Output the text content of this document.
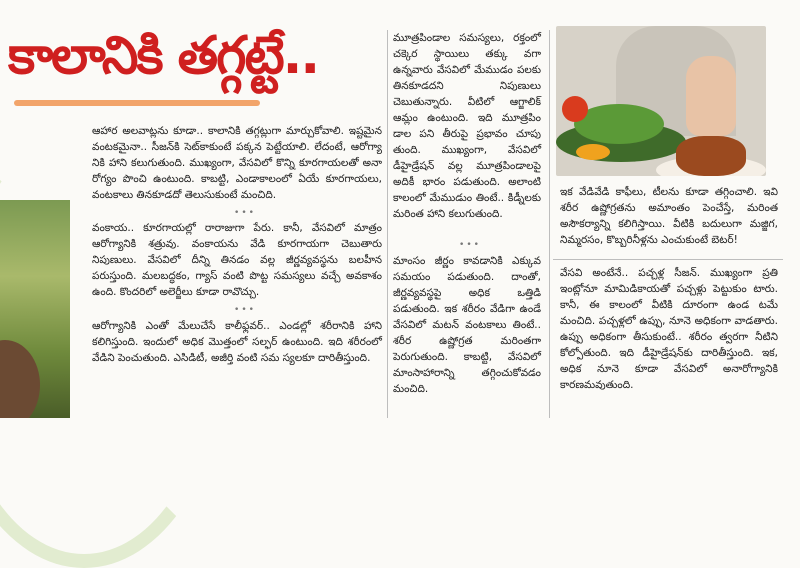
కాలానికి తగ్గట్టే..

ఆహార అలవాట్లను కూడా.. కాలానికి తగ్గట్లుగా మార్చుకోవాలి. ఇష్టమైన వంటకమైనా.. సీజన్‌కి సెట్‌కాకుంటే పక్కన పెట్టేయాలి. లేదంటే, ఆరోగ్యా నికి హాని కలుగుతుంది. ముఖ్యంగా, వేసవిలో కొన్ని కూరగాయలతో అనా రోగ్యం పొంచి ఉంటుంది. కాబట్టి, ఎండాకాలంలో ఏయే కూరగాయలు, వంటకాలు తినకూడదో తెలుసుకుంటే మంచిది.

•••

వంకాయ.. కూరగాయల్లో రారాజుగా పేరు. కానీ, వేసవిలో మాత్రం ఆరోగ్యానికి శత్రువు. వంకాయను వేడి కూరగాయగా చెబుతారు నిపుణులు. వేసవిలో దీన్ని తినడం వల్ల జీర్ణవ్యవస్థను బలహీన పరుస్తుంది. మలబద్ధకం, గ్యాస్ వంటి పొట్ట సమస్యలు వచ్చే అవకాశం ఉంది. కొందరిలో అలెర్జీలు కూడా రావొచ్చు.

•••

ఆరోగ్యానికి ఎంతో మేలుచేసే కాలీఫ్లవర్.. ఎండల్లో శరీరానికి హాని కలిగిస్తుంది. ఇందులో అధిక మొత్తంలో సల్ఫర్ ఉంటుంది. ఇది శరీరంలో వేడిని పెంచుతుంది. ఎసిడిటీ, అజీర్తి వంటి సమ స్యలకూ దారితీస్తుంది.

మూత్రపిండాల సమస్యలు, రక్తంలో చక్కెర స్థాయిలు తక్కు వగా ఉన్నవారు వేసవిలో మేముడం పలకు తినకూడదని నిపుణులు చెబుతున్నారు. వీటిలో ఆగ్జాలిక్ ఆమ్లం ఉంటుంది. ఇది మూత్రపిం డాల పని తీరుపై ప్రభావం చూపు తుంది. ముఖ్యంగా, వేసవిలో డీహైడ్రేషన్ వల్ల మూత్రపిండాలపై అదికీ భారం పడుతుంది. అలాంటి కాలంలో మేముడుం తింటే.. కిడ్నీలకు మరింత హాని కలుగుతుంది.

•••

మాంసం జీర్ణం కావడానికి ఎక్కువ సమయం పడుతుంది. దాంతో, జీర్ణవ్యవస్థపై అధిక ఒత్తిడి పడుతుంది. ఇక శరీరం వేడిగా ఉండే వేసవిలో మటన్ వంటకాలు తింటే.. శరీర ఉష్ణోగ్రత మరింతగా పెరుగుతుంది. కాబట్టి, వేసవిలో మాంసాహారాన్ని తగ్గించుకోవడం మంచిది.

ఇక వేడివేడి కాఫీలు, టీలను కూడా తగ్గించాలి. ఇవి శరీర ఉష్ణోగ్రతను అమాంతం పెంచేస్తే, మరింత అసౌకర్యాన్ని కలిగిస్తాయి. వీటికి బదులుగా మజ్జిగ, నిమ్మరసం, కొబ్బరినీళ్లను ఎంచుకుంటే బెటర్!

వేసవి అంటేనే.. పచ్చళ్ల సీజన్. ముఖ్యంగా ప్రతి ఇంట్లోనూ మామిడికాయతో పచ్చళ్లు పెట్టుకుం టారు. కానీ, ఈ కాలంలో వీటికి దూరంగా ఉండ టమే మంచిది. పచ్చళ్లలో ఉప్పు, నూనె అధికంగా వాడతారు. ఉప్పు అధికంగా తీసుకుంటే.. శరీరం త్వరగా నీటిని కోల్పోతుంది. ఇది డీహైడ్రేషన్‌కు దారితీస్తుంది. ఇక, అధిక నూనె కూడా వేసవిలో అనారోగ్యానికి కారణమవుతుంది.
